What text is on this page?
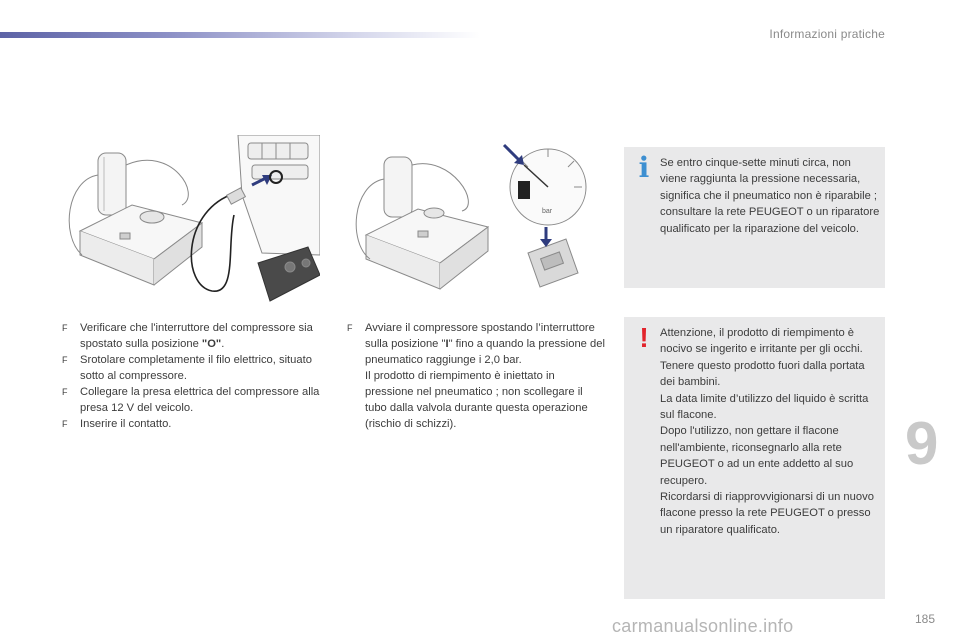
Informazioni pratiche
bar

F Verificare che l'interruttore del compressore sia spostato sulla posizione "O".

F Srotolare completamente il filo elettrico, situato sotto al compressore.

F Collegare la presa elettrica del compressore alla presa 12 V del veicolo.

F Inserire il contatto.

F Avviare il compressore spostando l’interruttore sulla posizione "I" fino a quando la pressione del pneumatico raggiunge i 2,0 bar.

Il prodotto di riempimento è iniettato in pressione nel pneumatico ; non scollegare il tubo dalla valvola durante questa operazione (rischio di schizzi).

i Se entro cinque-sette minuti circa, non viene raggiunta la pressione necessaria, significa che il pneumatico non è riparabile ; consultare la rete PEUGEOT o un riparatore qualificato per la riparazione del veicolo.

!	Attenzione, il prodotto di riempimento è nocivo se ingerito e irritante per gli occhi.

Tenere questo prodotto fuori dalla portata dei bambini.

La data limite d’utilizzo del liquido è scritta sul flacone.

Dopo l'utilizzo, non gettare il flacone nell'ambiente, riconsegnarlo alla rete PEUGEOT o ad un ente addetto al suo recupero.

Ricordarsi di riapprovvigionarsi di un nuovo flacone presso la rete PEUGEOT o presso un riparatore qualificato.

9
carmanualsonline.info	185
